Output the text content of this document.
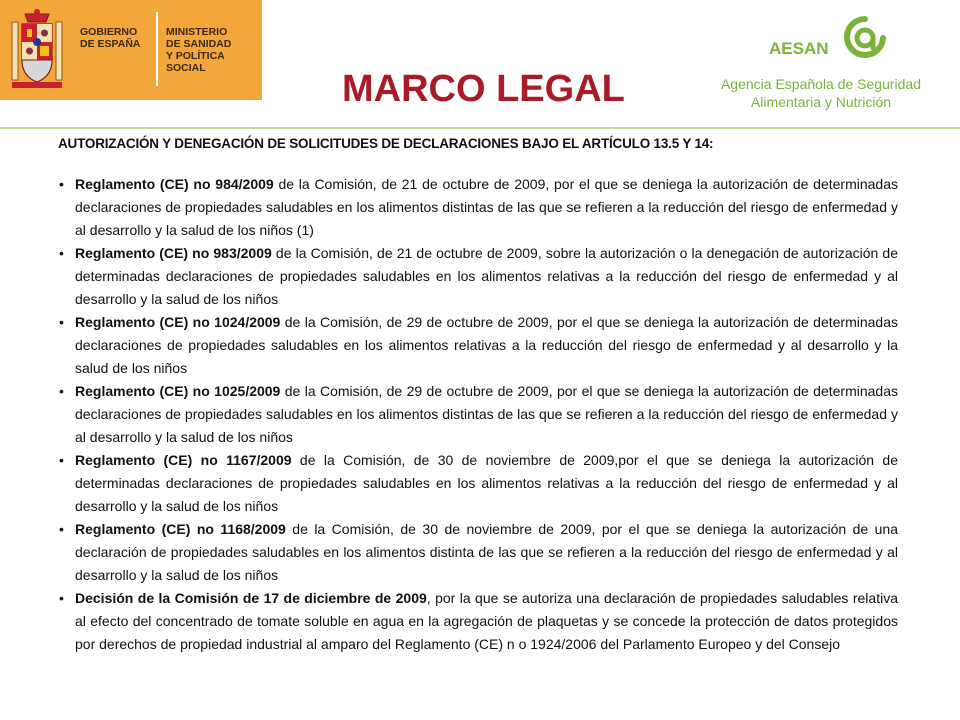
GOBIERNO
DE ESPAÑA
MINISTERIO
DE SANIDAD
Y POLÍTICA SOCIAL	MARCO LEGAL
AESAN
Agencia Española de Seguridad
Alimentaria y Nutrición

AUTORIZACIÓN Y DENEGACIÓN DE SOLICITUDES DE DECLARACIONES BAJO EL ARTÍCULO 13.5 Y 14:

• Reglamento (CE) no 984/2009 de la Comisión, de 21 de octubre de 2009, por el que se deniega la autorización de determinadas declaraciones de propiedades saludables en los alimentos distintas de las que se refieren a la reducción del riesgo de enfermedad y al desarrollo y la salud de los niños (1)
• Reglamento (CE) no 983/2009 de la Comisión, de 21 de octubre de 2009, sobre la autorización o la denegación de autorización de determinadas declaraciones de propiedades saludables en los alimentos relativas a la reducción del riesgo de enfermedad y al desarrollo y la salud de los niños
• Reglamento (CE) no 1024/2009 de la Comisión, de 29 de octubre de 2009, por el que se deniega la autorización de determinadas declaraciones de propiedades saludables en los alimentos relativas a la reducción del riesgo de enfermedad y al desarrollo y la salud de los niños
• Reglamento (CE) no 1025/2009 de la Comisión, de 29 de octubre de 2009, por el que se deniega la autorización de determinadas declaraciones de propiedades saludables en los alimentos distintas de las que se refieren a la reducción del riesgo de enfermedad y al desarrollo y la salud de los niños
• Reglamento (CE) no 1167/2009 de la Comisión, de 30 de noviembre de 2009,por el que se deniega la autorización de determinadas declaraciones de propiedades saludables en los alimentos relativas a la reducción del riesgo de enfermedad y al desarrollo y la salud de los niños
• Reglamento (CE) no 1168/2009 de la Comisión, de 30 de noviembre de 2009, por el que se deniega la autorización de una declaración de propiedades saludables en los alimentos distinta de las que se refieren a la reducción del riesgo de enfermedad y al desarrollo y la salud de los niños
• Decisión de la Comisión de 17 de diciembre de 2009, por la que se autoriza una declaración de propiedades saludables relativa al efecto del concentrado de tomate soluble en agua en la agregación de plaquetas y se concede la protección de datos protegidos por derechos de propiedad industrial al amparo del Reglamento (CE) n o 1924/2006 del Parlamento Europeo y del Consejo
